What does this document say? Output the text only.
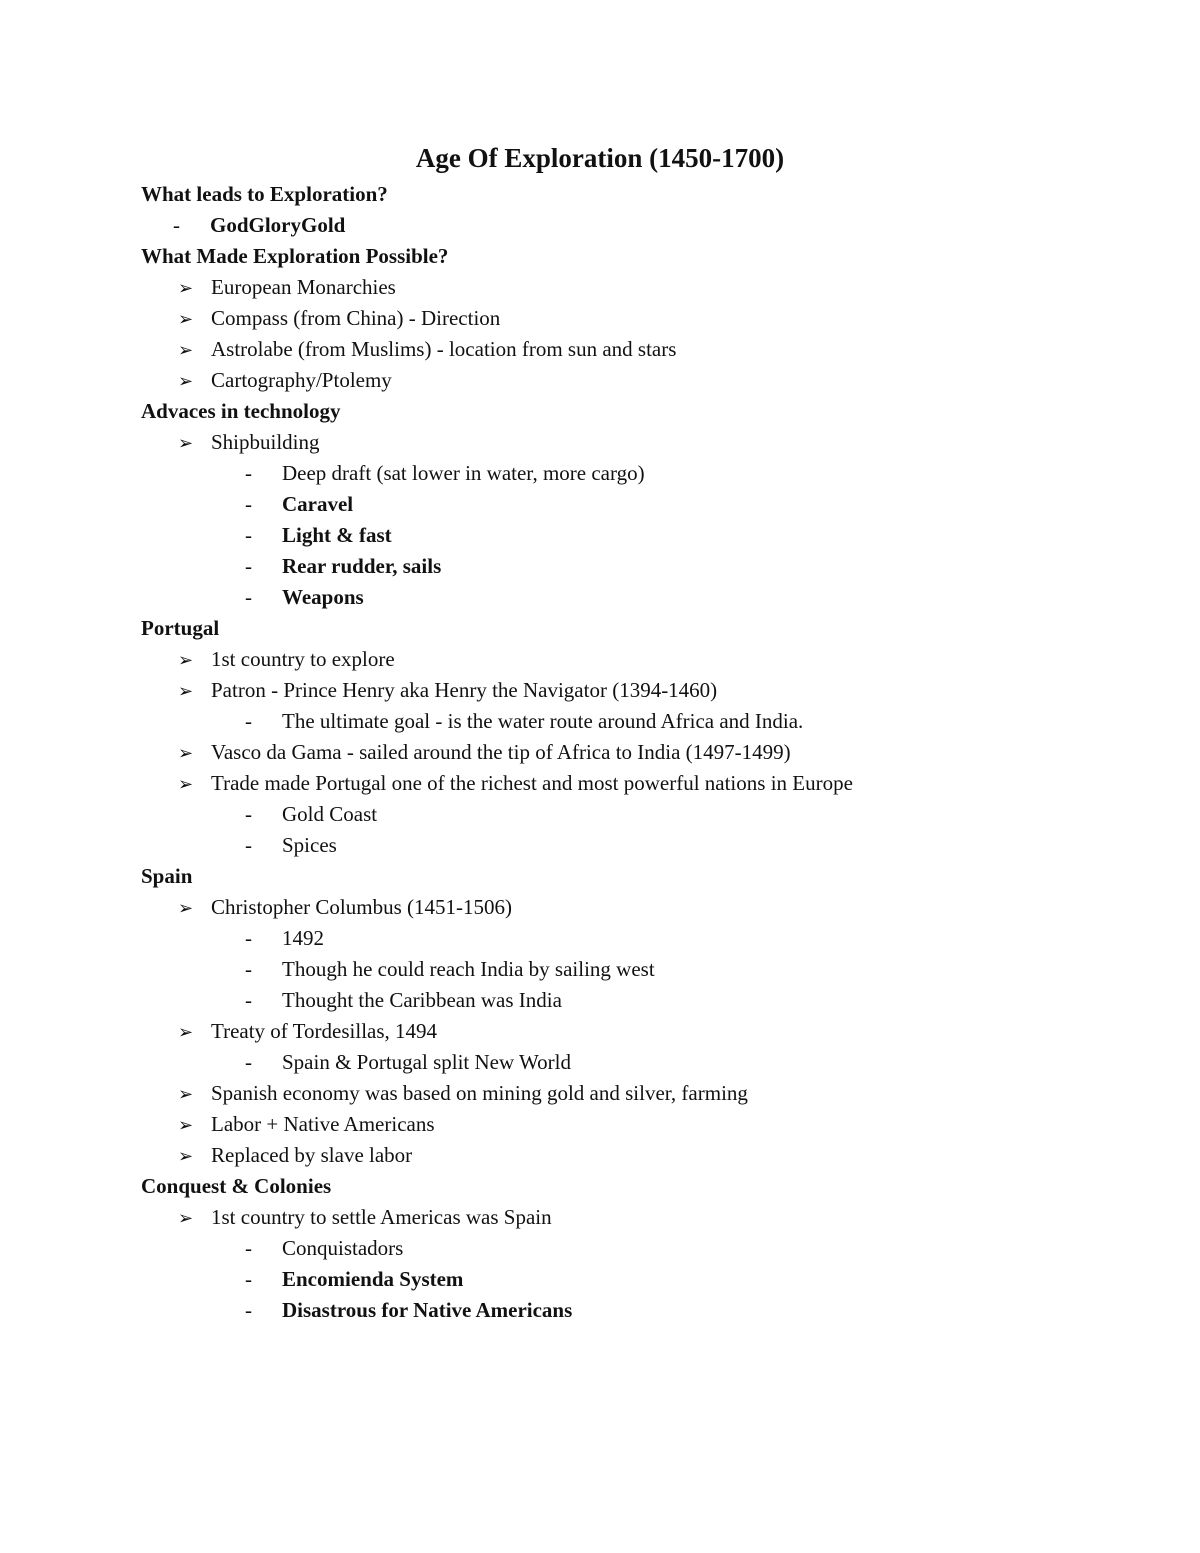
Age Of Exploration (1450-1700)
What leads to Exploration?
- GodGloryGold
What Made Exploration Possible?
➢ European Monarchies
➢ Compass (from China) - Direction
➢ Astrolabe (from Muslims) - location from sun and stars
➢ Cartography/Ptolemy
Advaces in technology
➢ Shipbuilding
- Deep draft (sat lower in water, more cargo)
- Caravel
- Light & fast
- Rear rudder, sails
- Weapons
Portugal
➢ 1st country to explore
➢ Patron - Prince Henry aka Henry the Navigator (1394-1460)
- The ultimate goal - is the water route around Africa and India.
➢ Vasco da Gama - sailed around the tip of Africa to India (1497-1499)
➢ Trade made Portugal one of the richest and most powerful nations in Europe
- Gold Coast
- Spices
Spain
➢ Christopher Columbus (1451-1506)
- 1492
- Though he could reach India by sailing west
- Thought the Caribbean was India
➢ Treaty of Tordesillas, 1494
- Spain & Portugal split New World
➢ Spanish economy was based on mining gold and silver, farming
➢ Labor + Native Americans
➢ Replaced by slave labor
Conquest & Colonies
➢ 1st country to settle Americas was Spain
- Conquistadors
- Encomienda System
- Disastrous for Native Americans
